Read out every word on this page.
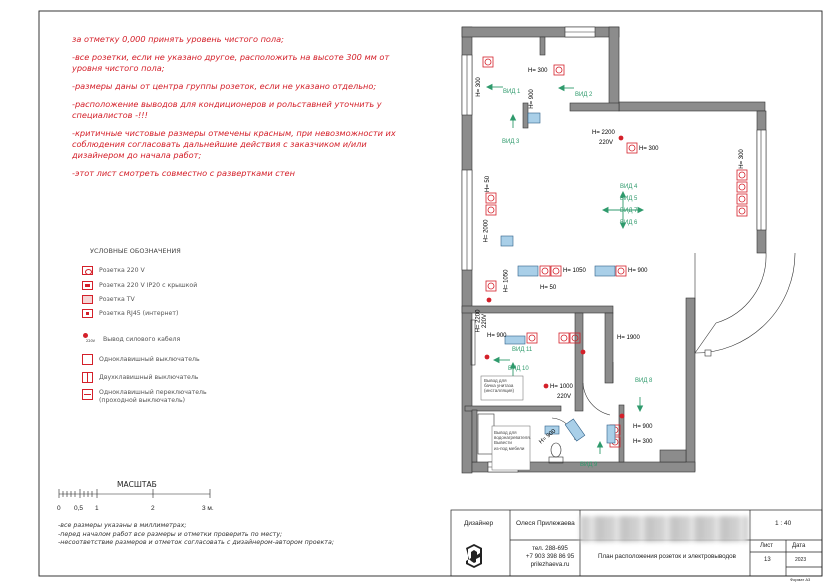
ВИД 1	ВИД 2
ВИД 3
ВИД 4
ВИД 5
ВИД 7
ВИД 6
ВИД 8
ВИД 9
ВИД 10
ВИД 11
H= 300
H= 300
H= 900
H= 2200
220V
H= 300
H= 300
H= 50
H= 2000
H= 1050	H= 1050
H= 50
H= 900
H= 2200 220V
H= 900	H= 1900
H= 1000
220V
H= 900
H= 300
H= 900
Вывод для
бачка унитаза
(инсталляция)
Вывод для
водонагревателя.
Вывести
из-под мебели

за отметку 0,000 принять уровень чистого пола;

-все розетки, если не указано другое, расположить на высоте 300 мм от уровня чистого пола;

-размеры даны от центра группы розеток, если не указано отдельно;

-расположение выводов для кондиционеров и рольставней уточнить у специалистов -!!!

-критичные чистовые размеры отмечены красным, при невозможности их соблюдения согласовать дальнейшие действия с заказчиком и/или дизайнером до начала работ;

-этот лист смотреть совместно с развертками стен

УСЛОВНЫЕ ОБОЗНАЧЕНИЯ
Розетка 220 V
Розетка 220 V IP20 с крышкой
Розетка TV
Розетка RJ45 (интернет)
220V Вывод силового кабеля
Одноклавишный выключатель
Двухклавишный выключатель
Одноклавишный переключатель (проходной выключатель)
МАСШТАБ
0 0,5 1	2	3 м.
-все размеры указаны в миллиметрах;
-перед началом работ все размеры и отметки проверить по месту;
-несоответствие размеров и отметок согласовать с дизайнером-автором проекта;
Дизайнер	Олеся Прилежаева	1 : 40
тел. 288-695
+7 903 398 86 95
prilezhaeva.ru
План расположения розеток и электровыводов
Лист	Дата
13	2023
Формат А3
